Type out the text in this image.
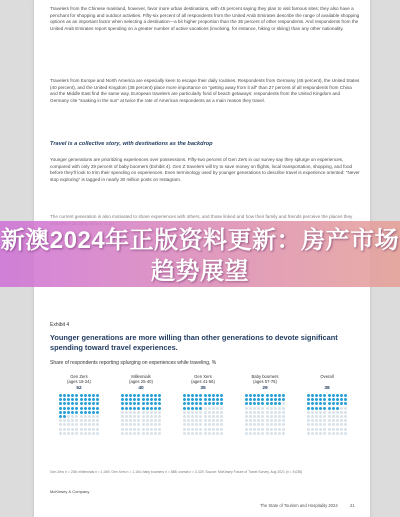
Travelers from the Chinese mainland, however, favor more urban destinations, with 45 percent saying they plan to visit famous sites; they also have a penchant for shopping and outdoor activities. Fifty-six percent of all respondents from the United Arab Emirates describe the range of available shopping options as an important factor when selecting a destination—a bit higher proportion than the 35 percent of other respondents. And respondents from the United Arab Emirates report spending on a greater number of active vacations (involving, for instance, hiking or skiing) than any other nationality.
Travelers from Europe and North America are especially keen to escape their daily routines. Respondents from Germany (45 percent), the United States (40 percent), and the United Kingdom (38 percent) place more importance on "getting away from it all" than 27 percent of all respondents from China and the Middle East find the same way. European travelers are particularly fond of beach getaways: respondents from the United Kingdom and Germany cite "soaking in the sun" at twice the rate of American respondents as a main reason they travel.
Travel is a collective story, with destinations as the backdrop
Younger generations are prioritizing experiences over possessions. Fifty-two percent of Gen Zers in our survey say they splurge on experiences, compared with only 29 percent of baby boomers (Exhibit 4). Gen Z travelers will try to save money on flights, local transportation, shopping, and food before they'll look to trim their spending on experiences. Even terminology used by younger generations to describe travel is experience oriented: "Never stop exploring" is tagged in nearly 30 million posts on Instagram.
The current generation is also motivated to share experiences with others, and those linked and how their family and friends perceive the places they
Exhibit 4
Younger generations are more willing than other generations to devote significant spending toward travel experiences.
Share of respondents reporting splurging on experiences while traveling, %
Gen Zers
(ages 18-24)
52
Millennials
(ages 25-40)
40
Gen Xers
(ages 41-56)
35
Baby boomers
(ages 57-75)
29
Overall
38
Gen Zers n = 208; millennials n = 1,049; Gen Xers n = 1,184; baby boomers n = 888; overall n = 3,329. Source: McKinsey Future of Travel Survey, Aug 2021 (n = 5,035)
McKinsey & Company
The State of Tourism and Hospitality 2024	21
新澳2024年正版资料更新：房产市场趋势展望
